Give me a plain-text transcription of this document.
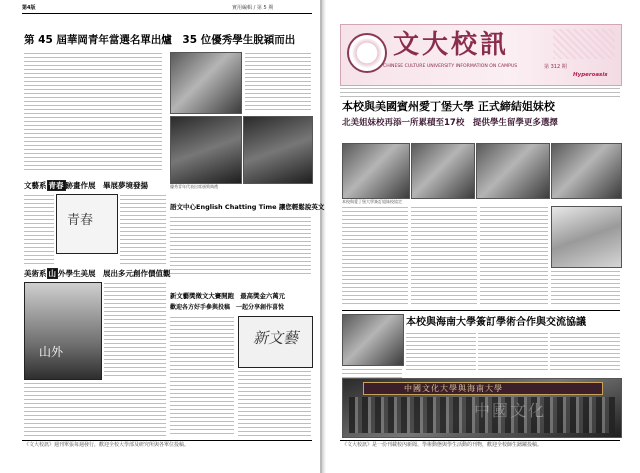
第4版	實用編輯 / 第 5 期
第 45 屆華岡青年當選名單出爐　35 位優秀學生脫穎而出
優秀青年代表出席頒獎典禮
文藝系 青春 跡畫作展　畢展夢境發揚
青春
語文中心English Chatting Time 讓您輕鬆說英文
美術系 山 外學生美展　展出多元創作價值觀
山外
新文藝獎徵文大賽開跑　最高獎金六萬元
歡迎各方好手參與投稿　一起分享創作喜悅
新文藝
《文大校訊》週刊單張每週發行，歡迎全校大學部及研究所與各單位投稿。
文大校訊
CHINESE CULTURE UNIVERSITY INFORMATION ON CAMPUS	第 312 期
Hyperoasis
本校與美國賓州愛丁堡大學 正式締結姐妹校
北美姐妹校再添一所累積至17校　提供學生留學更多選擇
本校與愛丁堡大學簽訂姐妹校協定
本校與海南大學簽訂學術合作與交流協議
中國文化大學與海南大學
中國文化
《文大校訊》是一份刊載校內新聞、學術動態與學生活動的刊物，歡迎全校師生踴躍投稿。
